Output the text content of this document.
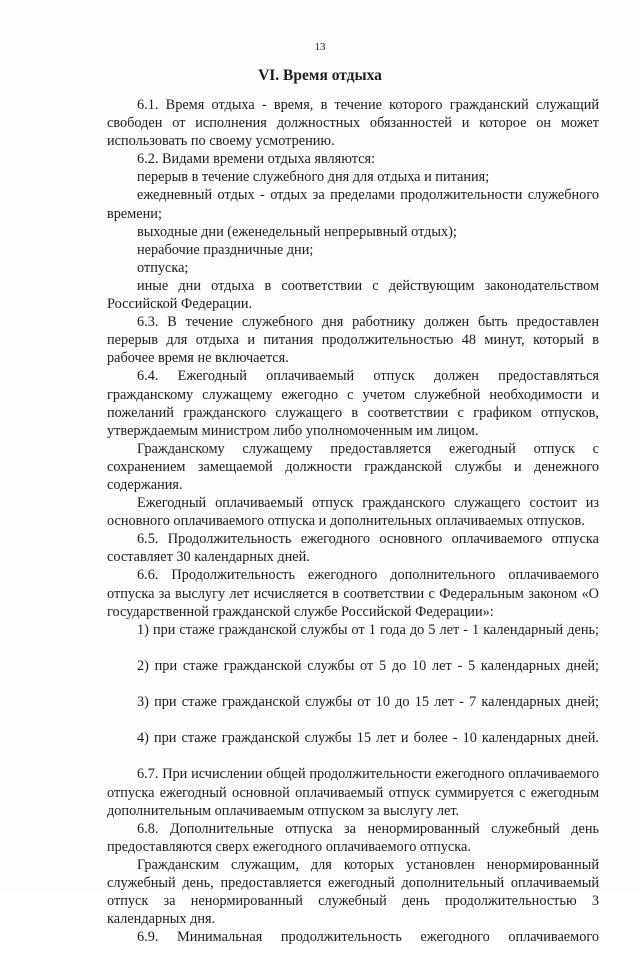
13
VI. Время отдыха

6.1. Время отдыха - время, в течение которого гражданский служащий свободен от исполнения должностных обязанностей и которое он может использовать по своему усмотрению.

6.2. Видами времени отдыха являются:

перерыв в течение служебного дня для отдыха и питания;

ежедневный отдых - отдых за пределами продолжительности служебного времени;

выходные дни (еженедельный непрерывный отдых);

нерабочие праздничные дни;

отпуска;

иные дни отдыха в соответствии с действующим законодательством Российской Федерации.

6.3. В течение служебного дня работнику должен быть предоставлен перерыв для отдыха и питания продолжительностью 48 минут, который в рабочее время не включается.

6.4. Ежегодный оплачиваемый отпуск должен предоставляться гражданскому служащему ежегодно с учетом служебной необходимости и пожеланий гражданского служащего в соответствии с графиком отпусков, утверждаемым министром либо уполномоченным им лицом.

Гражданскому служащему предоставляется ежегодный отпуск с сохранением замещаемой должности гражданской службы и денежного содержания.

Ежегодный оплачиваемый отпуск гражданского служащего состоит из основного оплачиваемого отпуска и дополнительных оплачиваемых отпусков.

6.5. Продолжительность ежегодного основного оплачиваемого отпуска составляет 30 календарных дней.

6.6. Продолжительность ежегодного дополнительного оплачиваемого отпуска за выслугу лет исчисляется в соответствии с Федеральным законом «О государственной гражданской службе Российской Федерации»:

1) при стаже гражданской службы от 1 года до 5 лет - 1 календарный день;

2) при стаже гражданской службы от 5 до 10 лет - 5 календарных дней;

3) при стаже гражданской службы от 10 до 15 лет - 7 календарных дней;

4) при стаже гражданской службы 15 лет и более - 10 календарных дней.

6.7. При исчислении общей продолжительности ежегодного оплачиваемого отпуска ежегодный основной оплачиваемый отпуск суммируется с ежегодным дополнительным оплачиваемым отпуском за выслугу лет.

6.8. Дополнительные отпуска за ненормированный служебный день предоставляются сверх ежегодного оплачиваемого отпуска.

Гражданским служащим, для которых установлен ненормированный служебный день, предоставляется ежегодный дополнительный оплачиваемый отпуск за ненормированный служебный день продолжительностью 3 календарных дня.

6.9. Минимальная продолжительность ежегодного оплачиваемого
